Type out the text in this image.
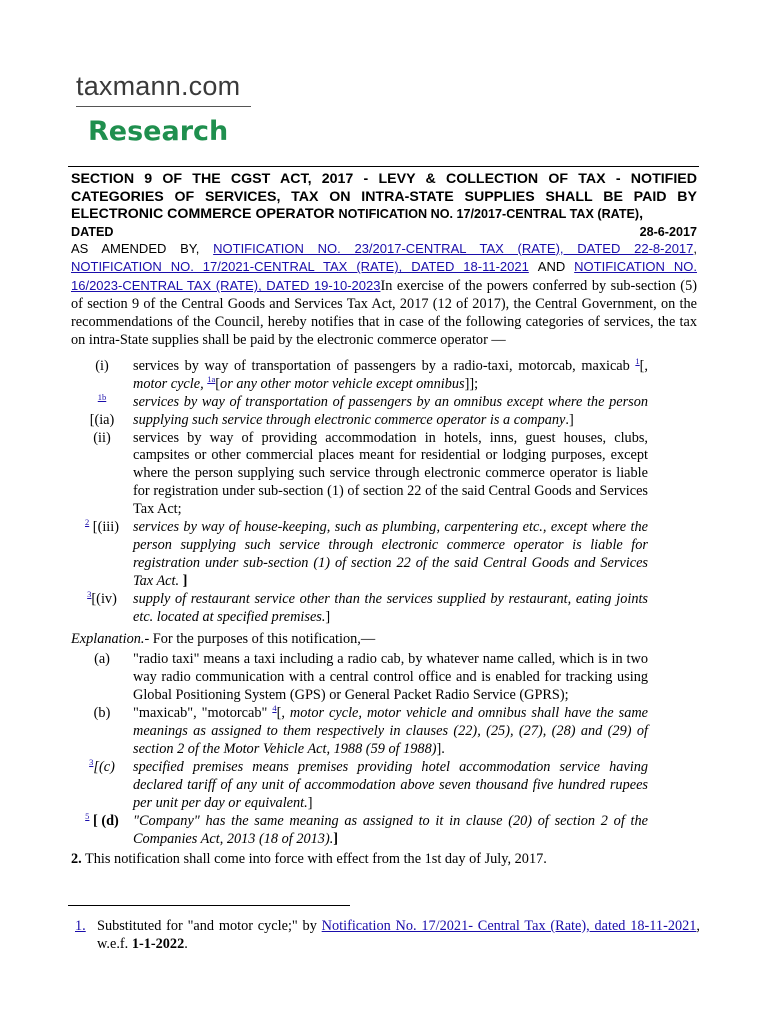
taxmann.com
Research
SECTION 9 OF THE CGST ACT, 2017 - LEVY & COLLECTION OF TAX - NOTIFIED CATEGORIES OF SERVICES, TAX ON INTRA-STATE SUPPLIES SHALL BE PAID BY ELECTRONIC COMMERCE OPERATOR NOTIFICATION NO. 17/2017-CENTRAL TAX (RATE),
DATED	28-6-2017
AS AMENDED BY, NOTIFICATION NO. 23/2017-CENTRAL TAX (RATE), DATED 22-8-2017, NOTIFICATION NO. 17/2021-CENTRAL TAX (RATE), DATED 18-11-2021 AND NOTIFICATION NO. 16/2023-CENTRAL TAX (RATE), DATED 19-10-2023In exercise of the powers conferred by sub-section (5) of section 9 of the Central Goods and Services Tax Act, 2017 (12 of 2017), the Central Government, on the recommendations of the Council, hereby notifies that in case of the following categories of services, the tax on intra-State supplies shall be paid by the electronic commerce operator —
(i)	services by way of transportation of passengers by a radio-taxi, motorcab, maxicab $^1$[, motor cycle, $^{1a}$[or any other motor vehicle except omnibus]];
$^{1b}$
[(ia)
services by way of transportation of passengers by an omnibus except where the person supplying such service through electronic commerce operator is a company.]
(ii)	services by way of providing accommodation in hotels, inns, guest houses, clubs, campsites or other commercial places meant for residential or lodging purposes, except where the person supplying such service through electronic commerce operator is liable for registration under sub-section (1) of section 22 of the said Central Goods and Services Tax Act;
$^2$ [(iii) services by way of house-keeping, such as plumbing, carpentering etc., except where the person supplying such service through electronic commerce operator is liable for registration under sub-section (1) of section 22 of the said Central Goods and Services Tax Act. ]
$^3$[(iv)	supply of restaurant service other than the services supplied by restaurant, eating joints etc. located at specified premises.]
Explanation.- For the purposes of this notification,—
(a)	"radio taxi" means a taxi including a radio cab, by whatever name called, which is in two way radio communication with a central control office and is enabled for tracking using Global Positioning System (GPS) or General Packet Radio Service (GPRS);
(b)	"maxicab", "motorcab" $^4$[, motor cycle, motor vehicle and omnibus shall have the same meanings as assigned to them respectively in clauses (22), (25), (27), (28) and (29) of section 2 of the Motor Vehicle Act, 1988 (59 of 1988)].
$^3$[(c)	specified premises means premises providing hotel accommodation service having declared tariff of any unit of accommodation above seven thousand five hundred rupees per unit per day or equivalent.]
$^5$ [ (d) "Company" has the same meaning as assigned to it in clause (20) of section 2 of the Companies Act, 2013 (18 of 2013).]
2. This notification shall come into force with effect from the 1st day of July, 2017.
1. Substituted for "and motor cycle;" by Notification No. 17/2021- Central Tax (Rate), dated 18-11-2021, w.e.f. 1-1-2022.
